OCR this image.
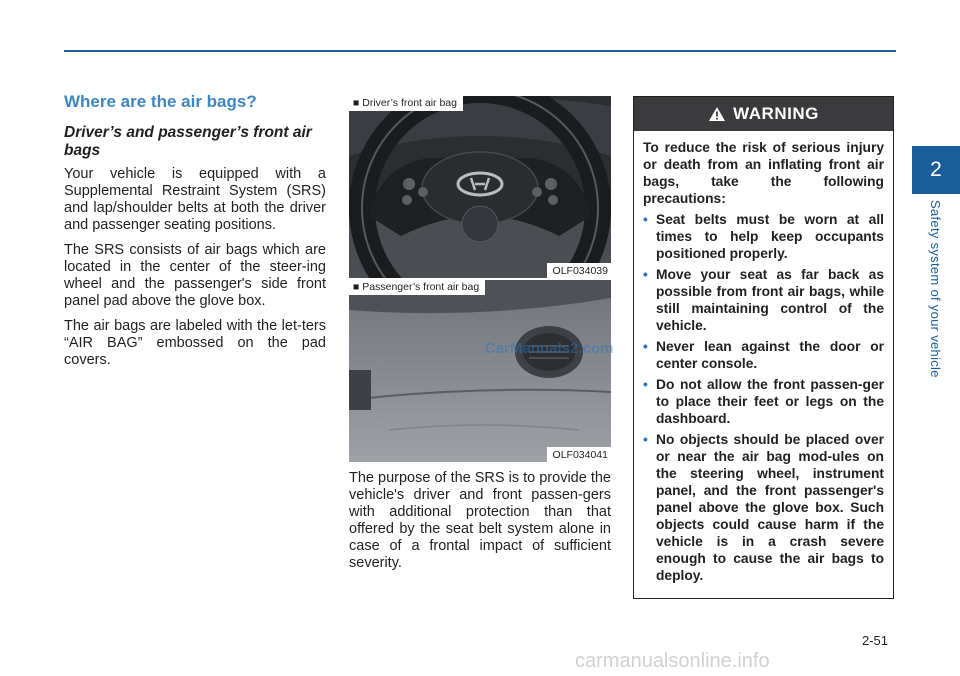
Where are the air bags?
Driver’s and passenger’s front air bags

Your vehicle is equipped with a Supplemental Restraint System (SRS) and lap/shoulder belts at both the driver and passenger seating positions.

The SRS consists of air bags which are located in the center of the steer-ing wheel and the passenger's side front panel pad above the glove box.

The air bags are labeled with the let-ters “AIR BAG” embossed on the pad covers.

■ Driver’s front air bag
OLF034039
■ Passenger’s front air bag
OLF034041

The purpose of the SRS is to provide the vehicle's driver and front passen-gers with additional protection than that offered by the seat belt system alone in case of a frontal impact of sufficient severity.

WARNING

To reduce the risk of serious injury or death from an inflating front air bags, take the following precautions:

• Seat belts must be worn at all times to help keep occupants positioned properly.
• Move your seat as far back as possible from front air bags, while still maintaining control of the vehicle.
• Never lean against the door or center console.
• Do not allow the front passen-ger to place their feet or legs on the dashboard.
• No objects should be placed over or near the air bag mod-ules on the steering wheel, instrument panel, and the front passenger's panel above the glove box. Such objects could cause harm if the vehicle is in a crash severe enough to cause the air bags to deploy.
2
Safety system of your vehicle
2-51
CarManuals2.com
carmanualsonline.info
